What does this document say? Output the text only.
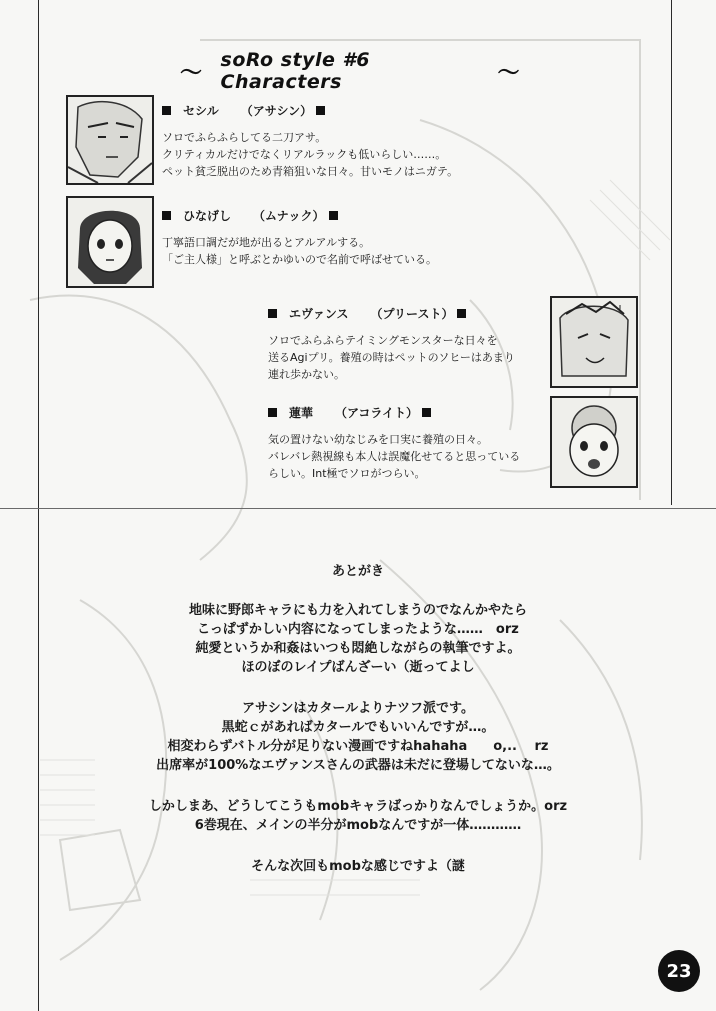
〜
soRo style #6 Characters	〜
セシル （アサシン）
ソロでふらふらしてる二刀アサ。
クリティカルだけでなくリアルラックも低いらしい……。
ペット貧乏脱出のため青箱狙いな日々。甘いモノはニガテ。
ひなげし （ムナック）
丁寧語口調だが地が出るとアルアルする。
「ご主人様」と呼ぶとかゆいので名前で呼ばせている。
エヴァンス （プリースト）
ソロでふらふらテイミングモンスターな日々を
送るAgiプリ。養殖の時はペットのソヒーはあまり
連れ歩かない。
!
蓮華 （アコライト）
気の置けない幼なじみを口実に養殖の日々。
バレバレ熱視線も本人は誤魔化せてると思っている
らしい。Int極でソロがつらい。
あとがき
地味に野郎キャラにも力を入れてしまうのでなんかやたら
こっぱずかしい内容になってしまったような……　orz
純愛というか和姦はいつも悶絶しながらの執筆ですよ。
ほのぼのレイプばんざーい（逝ってよし
アサシンはカタールよりナツフ派です。
黒蛇ｃがあればカタールでもいいんですが…。
相変わらずバトル分が足りない漫画ですねhahaha　　o,.. 　rz
出席率が100%なエヴァンスさんの武器は未だに登場してないな…。
しかしまあ、どうしてこうもmobキャラばっかりなんでしょうか。orz
6巻現在、メインの半分がmobなんですが一体…………
そんな次回もmobな感じですよ（謎
23
